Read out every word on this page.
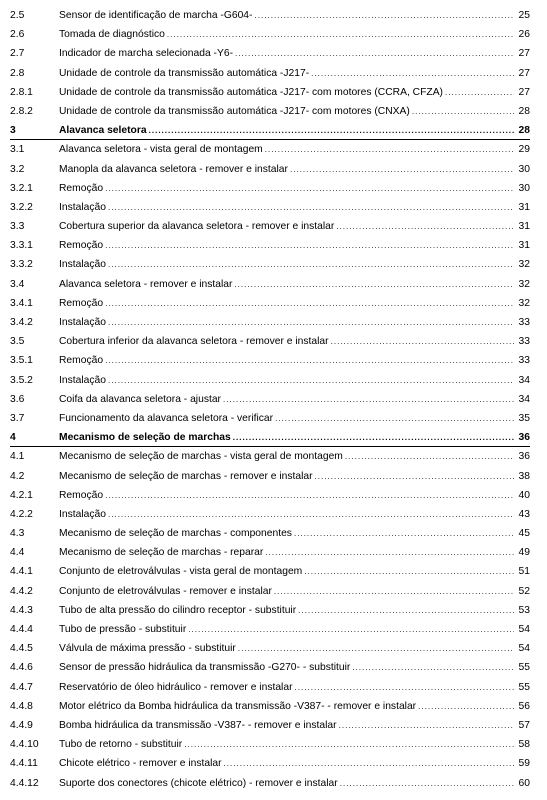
2.5	Sensor de identificação de marcha -G604- . . .	25
2.6	Tomada de diagnóstico . . .	26
2.7	Indicador de marcha selecionada -Y6- . . .	27
2.8	Unidade de controle da transmissão automática -J217- . . .	27
2.8.1	Unidade de controle da transmissão automática -J217- com motores (CCRA, CFZA) . . .	27
2.8.2	Unidade de controle da transmissão automática -J217- com motores (CNXA) . . .	28
3	Alavanca seletora . . .	28
3.1	Alavanca seletora - vista geral de montagem . . .	29
3.2	Manopla da alavanca seletora - remover e instalar . . .	30
3.2.1	Remoção . . .	30
3.2.2	Instalação . . .	31
3.3	Cobertura superior da alavanca seletora - remover e instalar . . .	31
3.3.1	Remoção . . .	31
3.3.2	Instalação . . .	32
3.4	Alavanca seletora - remover e instalar . . .	32
3.4.1	Remoção . . .	32
3.4.2	Instalação . . .	33
3.5	Cobertura inferior da alavanca seletora - remover e instalar . . .	33
3.5.1	Remoção . . .	33
3.5.2	Instalação . . .	34
3.6	Coifa da alavanca seletora - ajustar . . .	34
3.7	Funcionamento da alavanca seletora - verificar . . .	35
4	Mecanismo de seleção de marchas . . .	36
4.1	Mecanismo de seleção de marchas - vista geral de montagem . . .	36
4.2	Mecanismo de seleção de marchas - remover e instalar . . .	38
4.2.1	Remoção . . .	40
4.2.2	Instalação . . .	43
4.3	Mecanismo de seleção de marchas - componentes . . .	45
4.4	Mecanismo de seleção de marchas - reparar . . .	49
4.4.1	Conjunto de eletroválvulas - vista geral de montagem . . .	51
4.4.2	Conjunto de eletroválvulas - remover e instalar . . .	52
4.4.3	Tubo de alta pressão do cilindro receptor - substituir . . .	53
4.4.4	Tubo de pressão - substituir . . .	54
4.4.5	Válvula de máxima pressão - substituir . . .	54
4.4.6	Sensor de pressão hidráulica da transmissão -G270- - substituir . . .	55
4.4.7	Reservatório de óleo hidráulico - remover e instalar . . .	55
4.4.8	Motor elétrico da Bomba hidráulica da transmissão -V387- - remover e instalar . . .	56
4.4.9	Bomba hidráulica da transmissão -V387- - remover e instalar . . .	57
4.4.10 Tubo de retorno - substituir . . .	58
4.4.11 Chicote elétrico - remover e instalar . . .	59
4.4.12 Suporte dos conectores (chicote elétrico) - remover e instalar . . .	60
